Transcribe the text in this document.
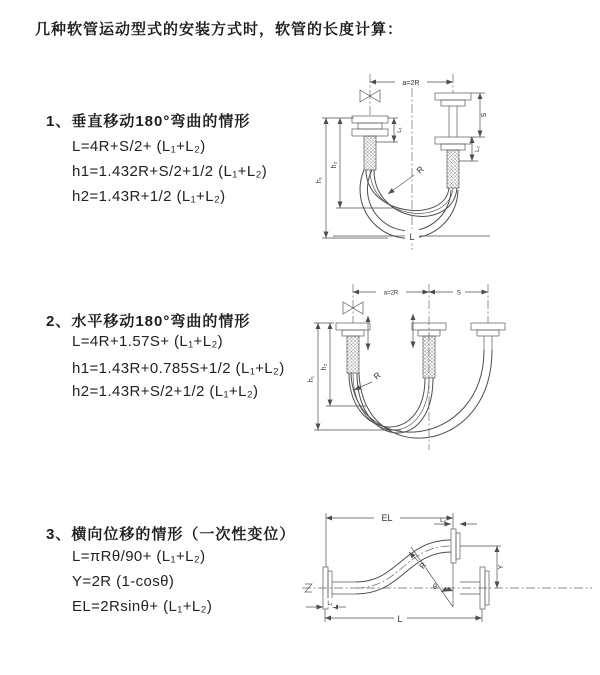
几种软管运动型式的安装方式时，软管的长度计算：
1、垂直移动180°弯曲的情形
L=4R+S/2+ (L₁+L₂)
h1=1.432R+S/2+1/2 (L₁+L₂)
h2=1.43R+1/2 (L₁+L₂)
2、水平移动180°弯曲的情形
L=4R+1.57S+ (L₁+L₂)
h1=1.43R+0.785S+1/2 (L₁+L₂)
h2=1.43R+S/2+1/2 (L₁+L₂)
3、横向位移的情形（一次性变位）
L=πRθ/90+ (L₁+L₂)
Y=2R (1-cosθ)
EL=2Rsinθ+ (L₁+L₂)
a=2R
h₁
h₂
L₁
S
L₂
R
L
a=2R	S
h₁
h₂
R
EL	L₂
Y
θ
R
L
L₁
